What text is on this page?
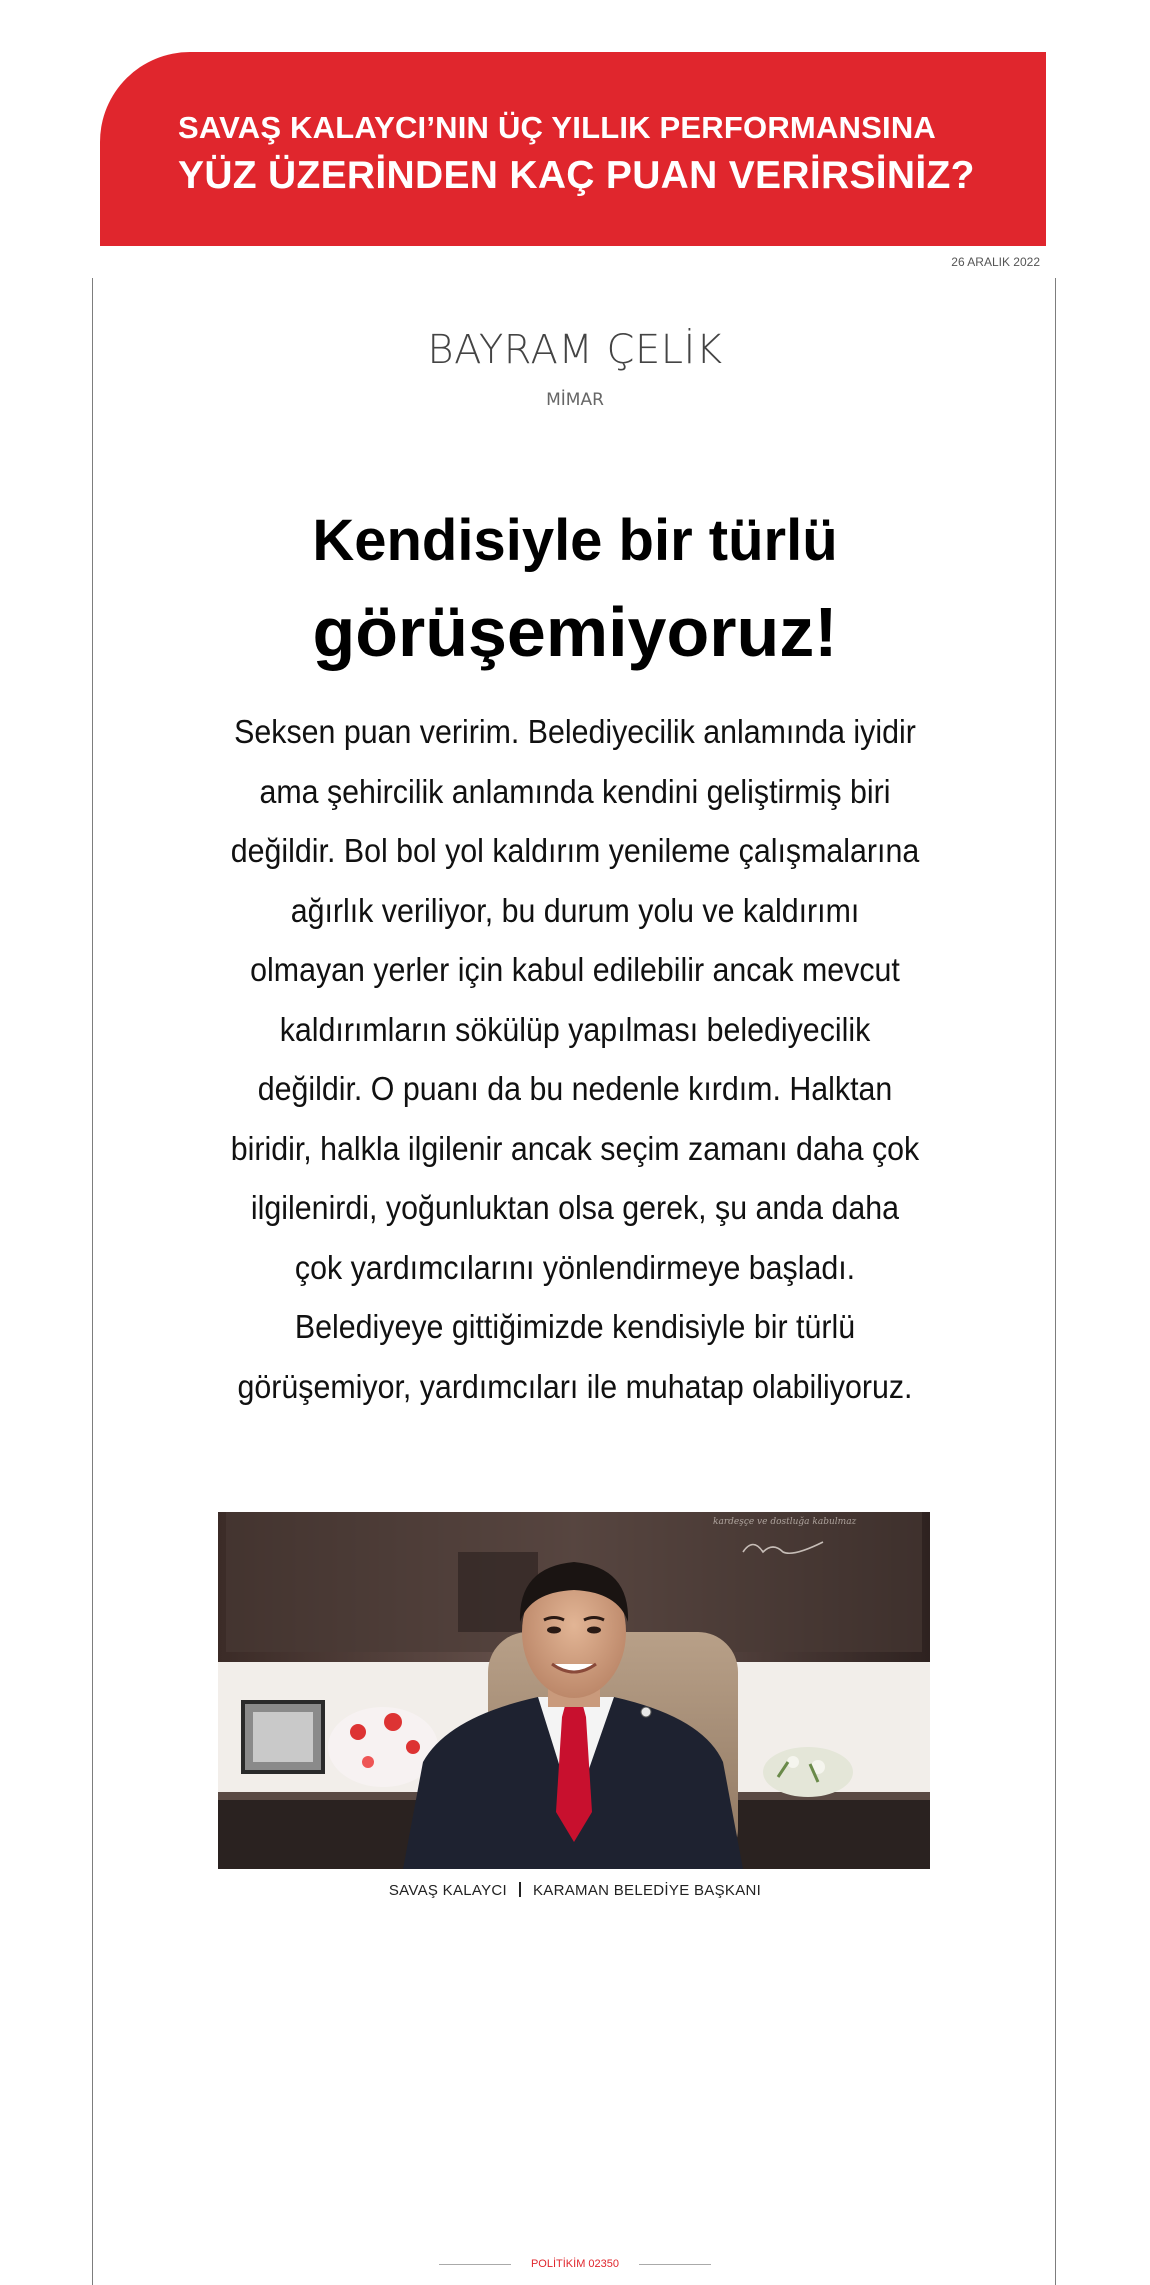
SAVAŞ KALAYCI’NIN ÜÇ YILLIK PERFORMANSINA
YÜZ ÜZERİNDEN KAÇ PUAN VERİRSİNİZ?
26 ARALIK 2022
BAYRAM ÇELİK
MİMAR
Kendisiyle bir türlü
görüşemiyoruz!
Seksen puan veririm. Belediyecilik anlamında iyidir ama şehircilik anlamında kendini geliştirmiş biri değildir. Bol bol yol kaldırım yenileme çalışmalarına ağırlık veriliyor, bu durum yolu ve kaldırımı olmayan yerler için kabul edilebilir ancak mevcut kaldırımların sökülüp yapılması belediyecilik değildir. O puanı da bu nedenle kırdım. Halktan biridir, halkla ilgilenir ancak seçim zamanı daha çok ilgilenirdi, yoğunluktan olsa gerek, şu anda daha çok yardımcılarını yönlendirmeye başladı. Belediyeye gittiğimizde kendisiyle bir türlü görüşemiyor, yardımcıları ile muhatap olabiliyoruz.
kardeşçe ve dostluğa kabulmaz
SAVAŞ KALAYCI KARAMAN BELEDİYE BAŞKANI
POLİTİKİM 02350
